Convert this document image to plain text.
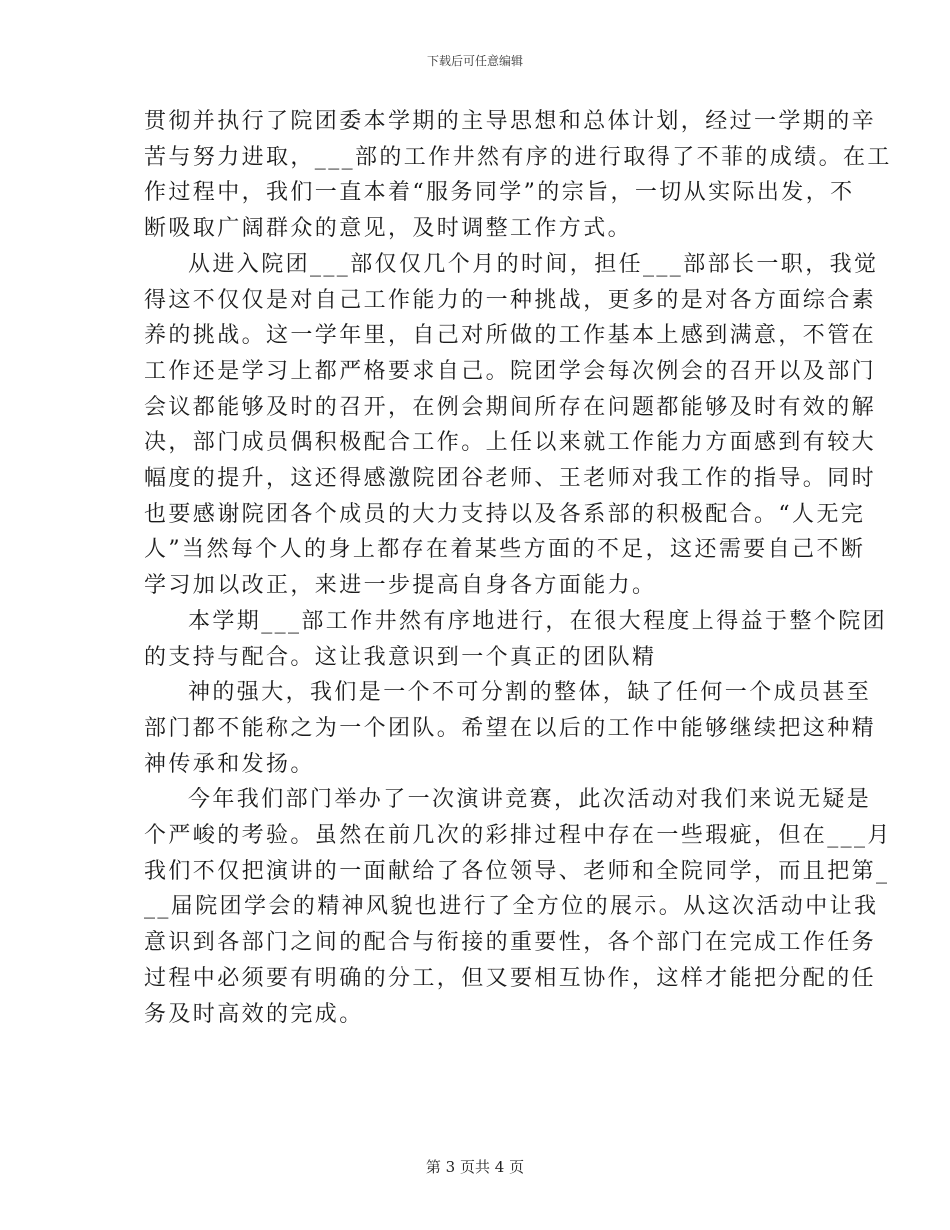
下载后可任意编辑
贯彻并执行了院团委本学期的主导思想和总体计划，经过一学期的辛
苦与努力进取，___部的工作井然有序的进行取得了不菲的成绩。在工
作过程中，我们一直本着“服务同学”的宗旨，一切从实际出发，不
断吸取广阔群众的意见，及时调整工作方式。
从进入院团___部仅仅几个月的时间，担任___部部长一职，我觉
得这不仅仅是对自己工作能力的一种挑战，更多的是对各方面综合素
养的挑战。这一学年里，自己对所做的工作基本上感到满意，不管在
工作还是学习上都严格要求自己。院团学会每次例会的召开以及部门
会议都能够及时的召开，在例会期间所存在问题都能够及时有效的解
决，部门成员偶积极配合工作。上任以来就工作能力方面感到有较大
幅度的提升，这还得感激院团谷老师、王老师对我工作的指导。同时
也要感谢院团各个成员的大力支持以及各系部的积极配合。“人无完
人”当然每个人的身上都存在着某些方面的不足，这还需要自己不断
学习加以改正，来进一步提高自身各方面能力。
本学期___部工作井然有序地进行，在很大程度上得益于整个院团
的支持与配合。这让我意识到一个真正的团队精
神的强大，我们是一个不可分割的整体，缺了任何一个成员甚至
部门都不能称之为一个团队。希望在以后的工作中能够继续把这种精
神传承和发扬。
今年我们部门举办了一次演讲竞赛，此次活动对我们来说无疑是
个严峻的考验。虽然在前几次的彩排过程中存在一些瑕疵，但在___月
我们不仅把演讲的一面献给了各位领导、老师和全院同学，而且把第_
__届院团学会的精神风貌也进行了全方位的展示。从这次活动中让我
意识到各部门之间的配合与衔接的重要性，各个部门在完成工作任务
过程中必须要有明确的分工，但又要相互协作，这样才能把分配的任
务及时高效的完成。
第 3 页共 4 页
